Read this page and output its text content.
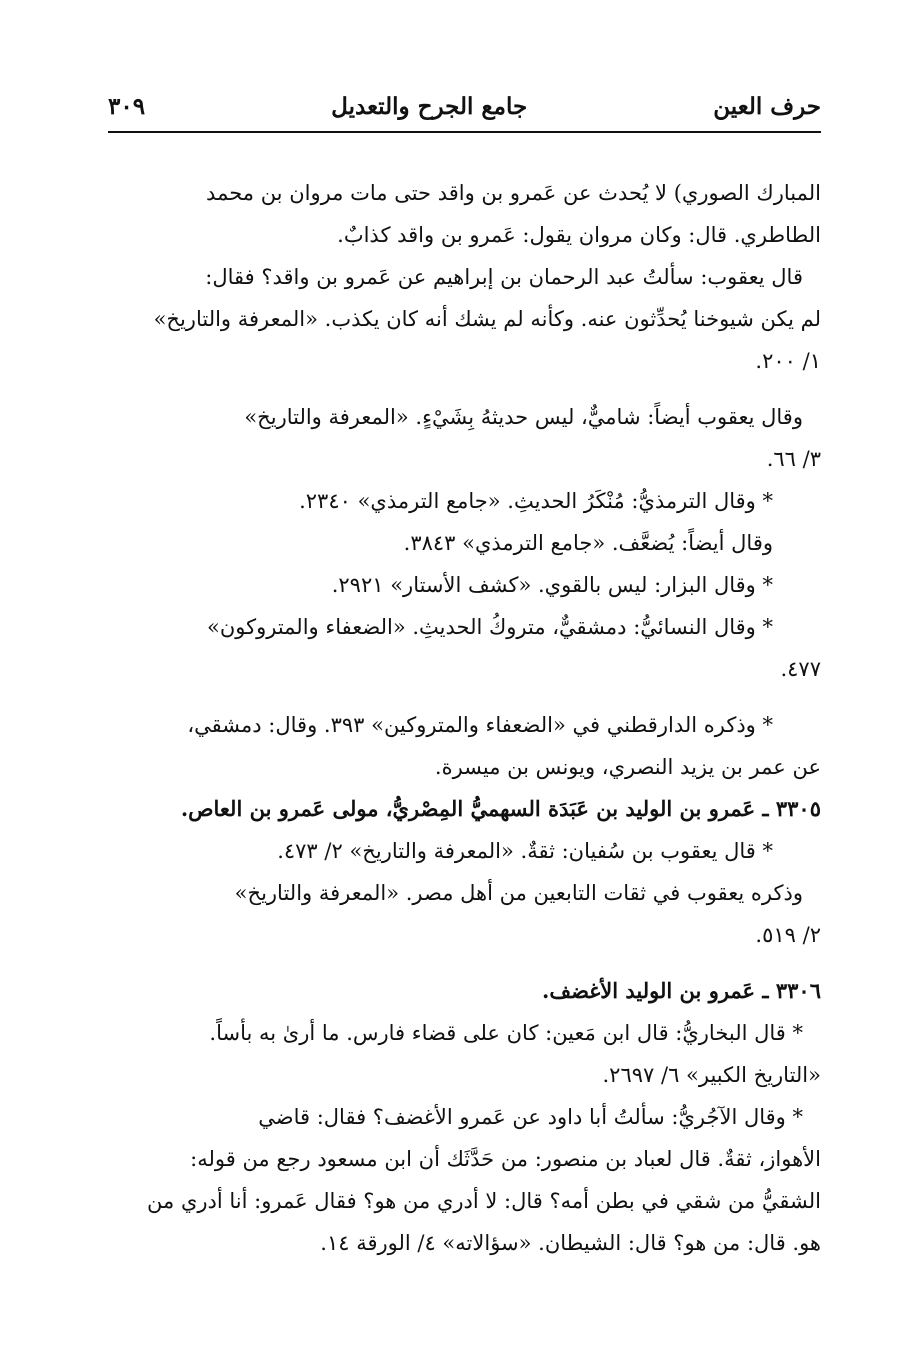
حرف العين
جامع الجرح والتعديل
٣٠٩
المبارك الصوري) لا يُحدث عن عَمرو بن واقد حتى مات مروان بن محمد
الطاطري. قال: وكان مروان يقول: عَمرو بن واقد كذابٌ.
قال يعقوب: سألتُ عبد الرحمان بن إبراهيم عن عَمرو بن واقد؟ فقال:
لم يكن شيوخنا يُحدِّثون عنه. وكأنه لم يشك أنه كان يكذب. «المعرفة والتاريخ»
١/ ٢٠٠.
وقال يعقوب أيضاً: شاميٌّ، ليس حديثهُ بِشَيْءٍ. «المعرفة والتاريخ»
٣/ ٦٦.
* وقال الترمذيُّ: مُنْكَرُ الحديثِ. «جامع الترمذي» ٢٣٤٠.
وقال أيضاً: يُضعَّف. «جامع الترمذي» ٣٨٤٣.
* وقال البزار: ليس بالقوي. «كشف الأستار» ٢٩٢١.
* وقال النسائيُّ: دمشقيٌّ، متروكُ الحديثِ. «الضعفاء والمتروكون»
٤٧٧.
* وذكره الدارقطني في «الضعفاء والمتروكين» ٣٩٣. وقال: دمشقي،
عن عمر بن يزيد النصري، ويونس بن ميسرة.
٣٣٠٥ ـ عَمرو بن الوليد بن عَبَدَة السهميُّ المِصْريُّ، مولى عَمرو بن العاص.
* قال يعقوب بن سُفيان: ثقةٌ. «المعرفة والتاريخ» ٢/ ٤٧٣.
وذكره يعقوب في ثقات التابعين من أهل مصر. «المعرفة والتاريخ»
٢/ ٥١٩.
٣٣٠٦ ـ عَمرو بن الوليد الأغضف.
* قال البخاريُّ: قال ابن مَعين: كان على قضاء فارس. ما أرىٰ به بأساً.
«التاريخ الكبير» ٦/ ٢٦٩٧.
* وقال الآجُريُّ: سألتُ أبا داود عن عَمرو الأغضف؟ فقال: قاضي
الأهواز، ثقةٌ. قال لعباد بن منصور: من حَدَّثَك أن ابن مسعود رجع من قوله:
الشقيُّ من شقي في بطن أمه؟ قال: لا أدري من هو؟ فقال عَمرو: أنا أدري من
هو. قال: من هو؟ قال: الشيطان. «سؤالاته» ٤/ الورقة ١٤.
